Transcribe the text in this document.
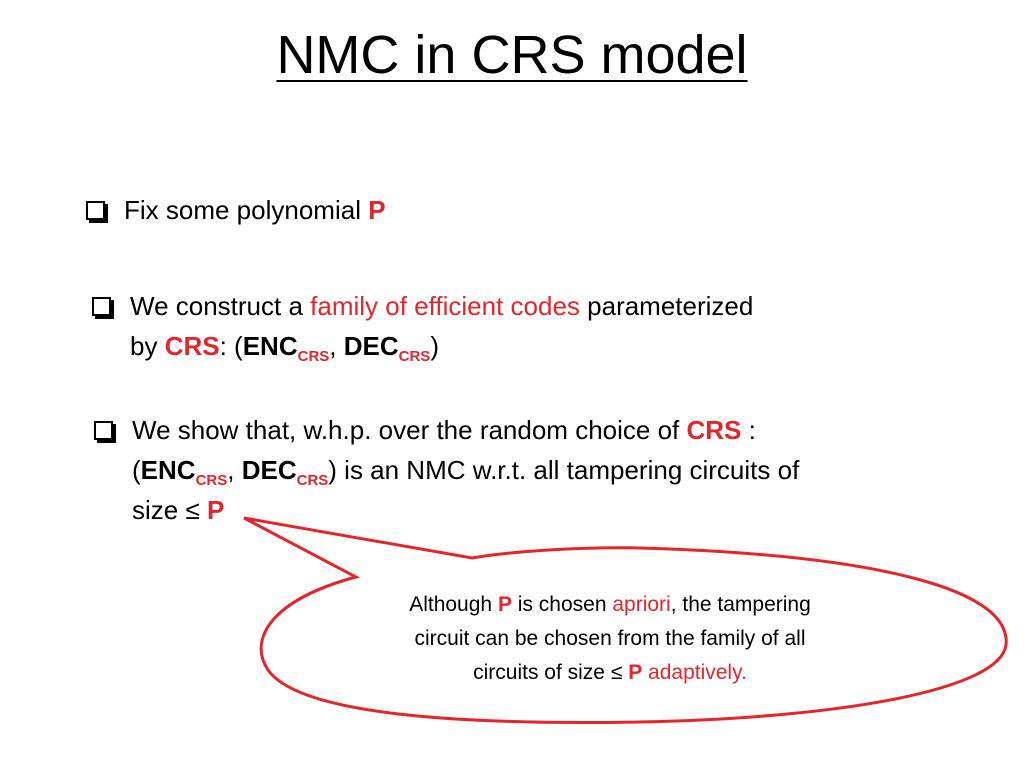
NMC in CRS model
Fix some polynomial P
We construct a family of efficient codes parameterized
by CRS: ($ENC_{CRS}$, $DEC_{CRS}$)
We show that, w.h.p. over the random choice of CRS :
($ENC_{CRS}$, $DEC_{CRS}$) is an NMC w.r.t. all tampering circuits of
size ≤ P
Although P is chosen apriori, the tampering
circuit can be chosen from the family of all
circuits of size ≤ P adaptively.
